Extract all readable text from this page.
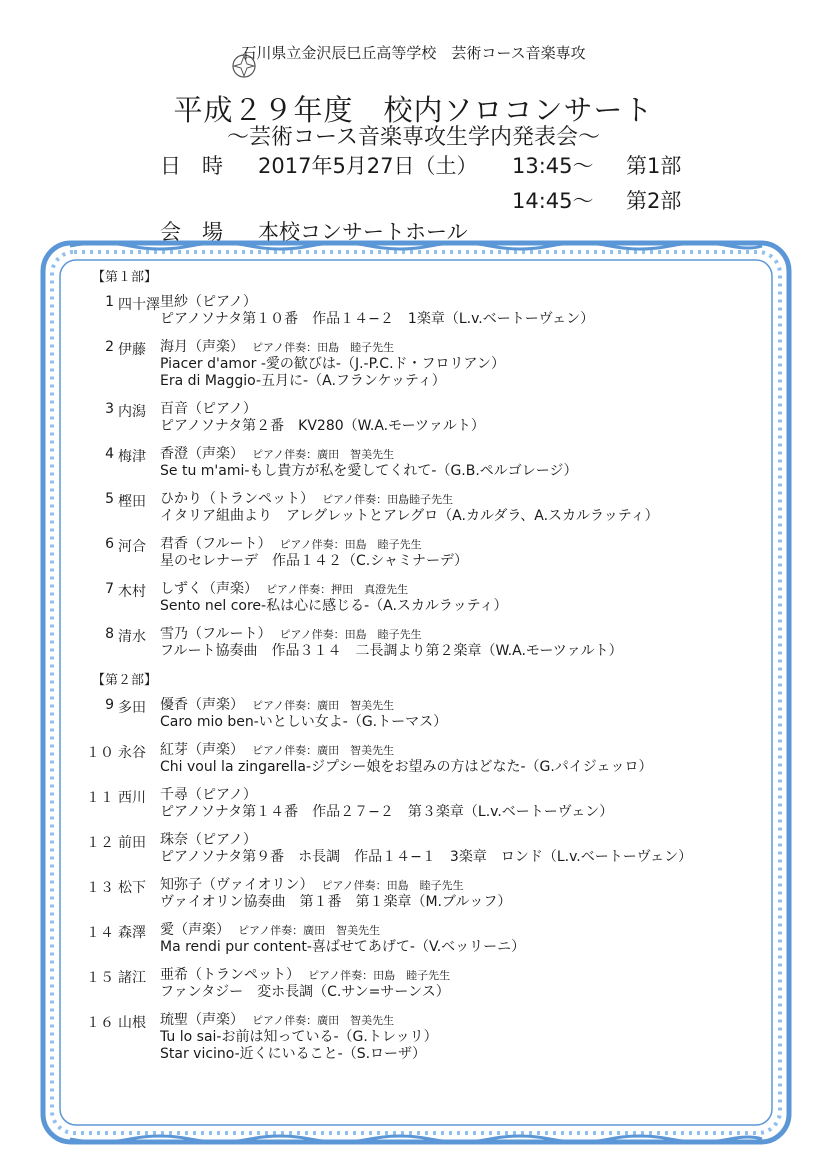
石川県立金沢辰巳丘高等学校　芸術コース音楽専攻
平成２９年度　校内ソロコンサート
～芸術コース音楽専攻生学内発表会～
日　時 2017年5月27日（土） 13:45～ 第1部
14:45～ 第2部
会　場 本校コンサートホール
【第１部】
1 四十澤 里紗（ピアノ）
ピアノソナタ第１０番　作品１４−２　1楽章（L.v.ベートーヴェン）
2 伊藤 海月（声楽） ピアノ伴奏：田島　睦子先生
Piacer d'amor -愛の歓びは-（J.-P.C.ド・フロリアン）
Era di Maggio-五月に-（A.フランケッティ）
3 内潟 百音（ピアノ）
ピアノソナタ第２番　KV280（W.A.モーツァルト）
4 梅津 香澄（声楽） ピアノ伴奏：廣田　智美先生
Se tu m'ami-もし貴方が私を愛してくれて-（G.B.ペルゴレージ）
5 樫田 ひかり（トランペット） ピアノ伴奏：田島睦子先生
イタリア組曲より　アレグレットとアレグロ（A.カルダラ、A.スカルラッティ）
6 河合 君香（フルート） ピアノ伴奏：田島　睦子先生
星のセレナーデ　作品１４２（C.シャミナーデ）
7 木村 しずく（声楽） ピアノ伴奏：押田　真澄先生
Sento nel core-私は心に感じる-（A.スカルラッティ）
8 清水 雪乃（フルート） ピアノ伴奏：田島　睦子先生
フルート協奏曲　作品３１４　二長調より第２楽章（W.A.モーツァルト）
【第２部】
9 多田 優香（声楽） ピアノ伴奏：廣田　智美先生
Caro mio ben-いとしい女よ-（G.トーマス）
１０ 永谷 紅芽（声楽） ピアノ伴奏：廣田　智美先生
Chi voul la zingarella-ジプシー娘をお望みの方はどなた-（G.パイジェッロ）
１１ 西川 千尋（ピアノ）
ピアノソナタ第１４番　作品２７−２　第３楽章（L.v.ベートーヴェン）
１２ 前田 珠奈（ピアノ）
ピアノソナタ第９番　ホ長調　作品１４−１　3楽章　ロンド（L.v.ベートーヴェン）
１３ 松下 知弥子（ヴァイオリン） ピアノ伴奏：田島　睦子先生
ヴァイオリン協奏曲　第１番　第１楽章（M.ブルッフ）
１４ 森澤 愛（声楽） ピアノ伴奏：廣田　智美先生
Ma rendi pur content-喜ばせてあげて-（V.ベッリーニ）
１５ 諸江 亜希（トランペット） ピアノ伴奏：田島　睦子先生
ファンタジー　変ホ長調（C.サン=サーンス）
１６ 山根 琉聖（声楽） ピアノ伴奏：廣田　智美先生
Tu lo sai-お前は知っている-（G.トレッリ）
Star vicino-近くにいること-（S.ローザ）
